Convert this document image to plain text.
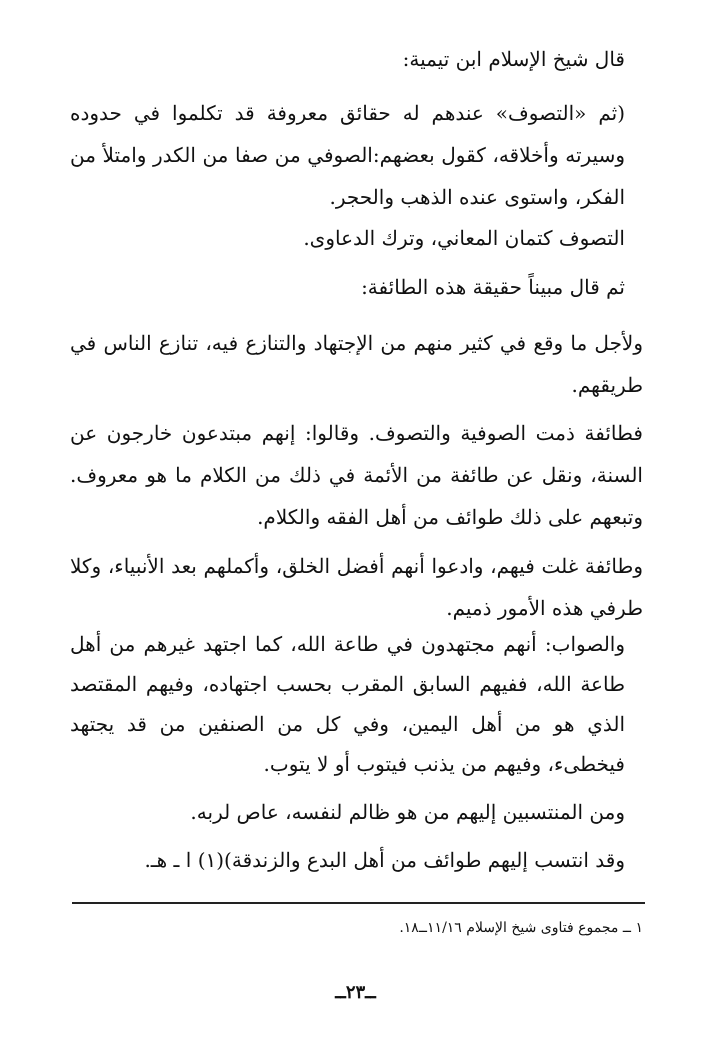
قال شيخ الإسلام ابن تيمية:

(ثم «التصوف» عندهم له حقائق معروفة قد تكلموا في حدوده وسيرته وأخلاقه، كقول بعضهم:الصوفي من صفا من الكدر وامتلأ من الفكر، واستوى عنده الذهب والحجر.

التصوف كتمان المعاني، وترك الدعاوى.

ثم قال مبيناً حقيقة هذه الطائفة:

ولأجل ما وقع في كثير منهم من الإجتهاد والتنازع فيه، تنازع الناس في طريقهم.

فطائفة ذمت الصوفية والتصوف. وقالوا: إنهم مبتدعون خارجون عن السنة، ونقل عن طائفة من الأئمة في ذلك من الكلام ما هو معروف. وتبعهم على ذلك طوائف من أهل الفقه والكلام.

وطائفة غلت فيهم، وادعوا أنهم أفضل الخلق، وأكملهم بعد الأنبياء، وكلا طرفي هذه الأمور ذميم.

والصواب: أنهم مجتهدون في طاعة الله، كما اجتهد غيرهم من أهل طاعة الله، ففيهم السابق المقرب بحسب اجتهاده، وفيهم المقتصد الذي هو من أهل اليمين، وفي كل من الصنفين من قد يجتهد فيخطىء، وفيهم من يذنب فيتوب أو لا يتوب.

ومن المنتسبين إليهم من هو ظالم لنفسه، عاص لربه.

وقد انتسب إليهم طوائف من أهل البدع والزندقة)(١) ا ـ هـ.

١ ــ مجموع فتاوى شيخ الإسلام ١١/١٦ــ١٨.

ــ٢٣ــ
